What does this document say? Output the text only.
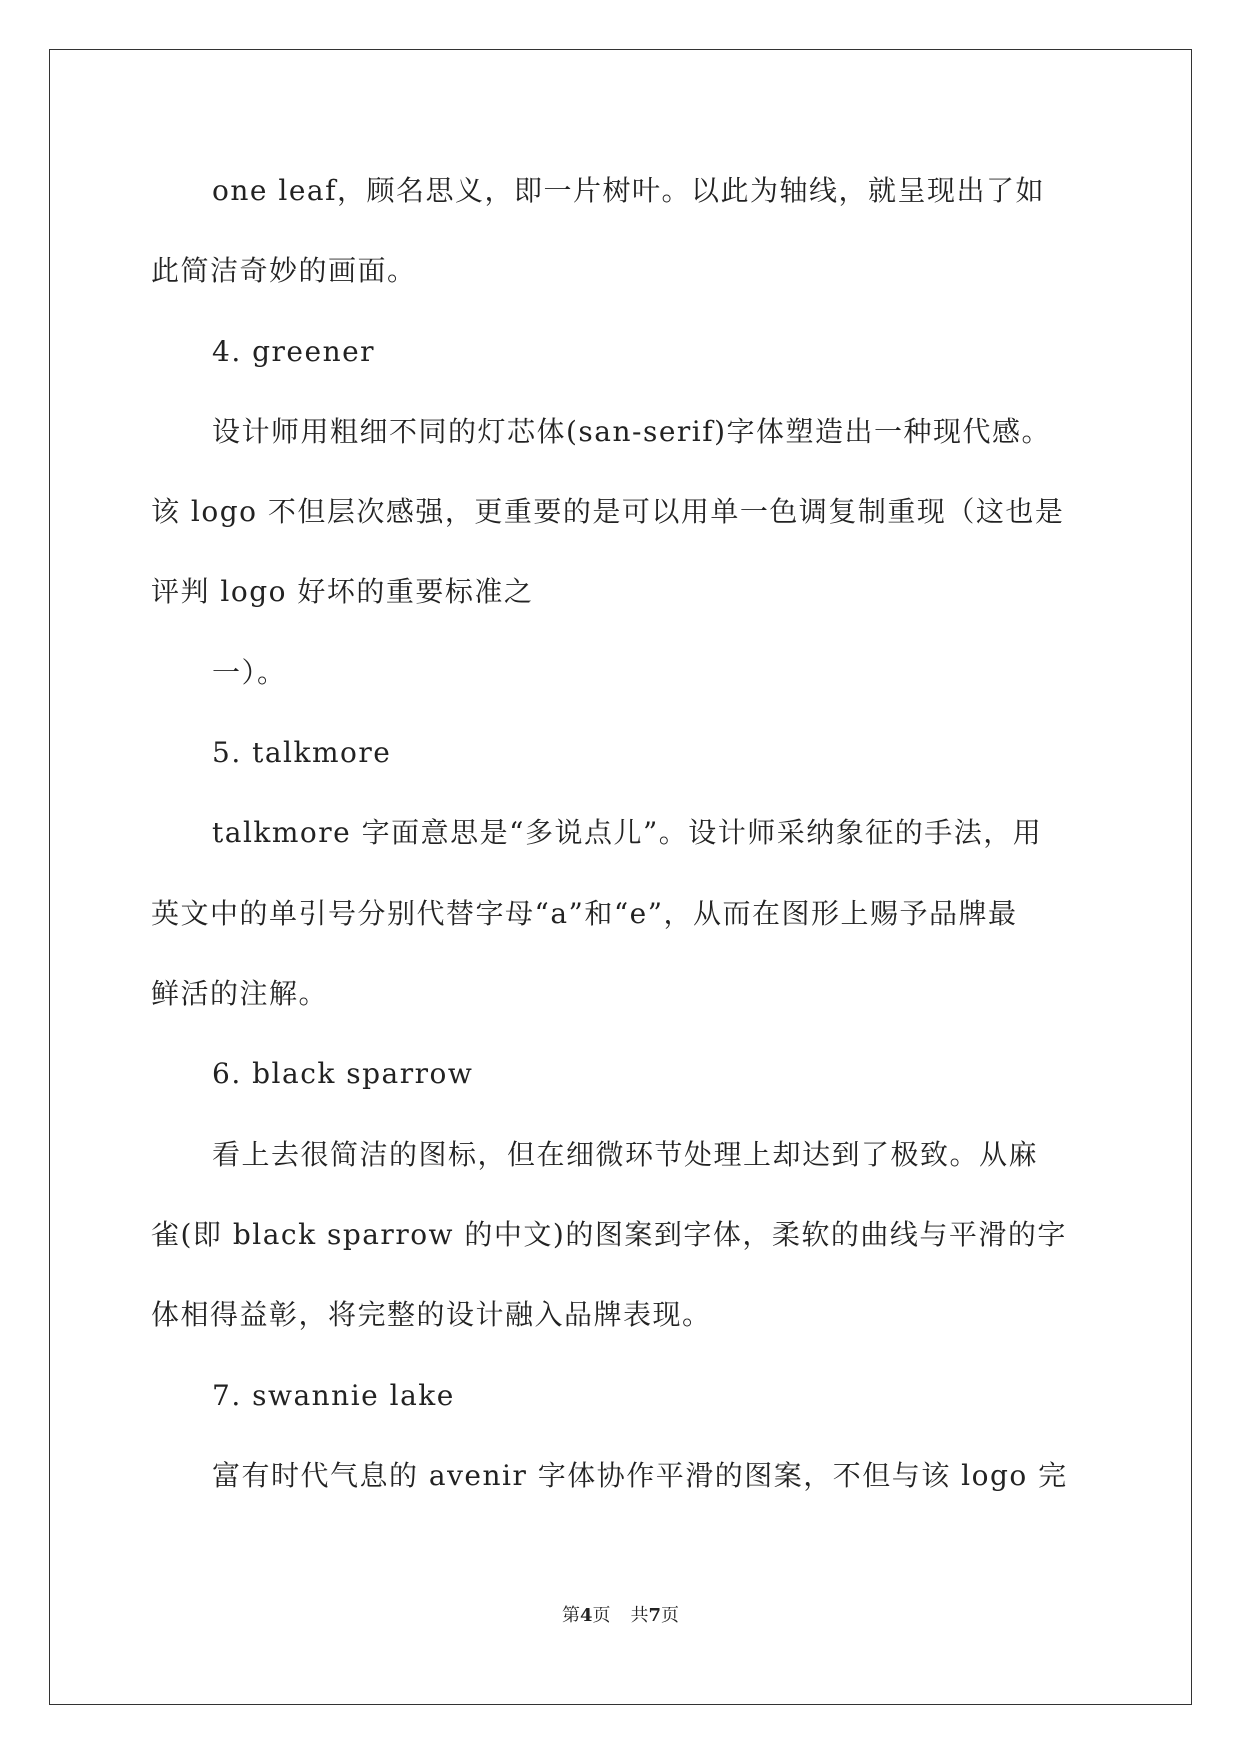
one leaf，顾名思义，即一片树叶。以此为轴线，就呈现出了如
此简洁奇妙的画面。
4. greener
设计师用粗细不同的灯芯体(san-serif)字体塑造出一种现代感。
该 logo 不但层次感强，更重要的是可以用单一色调复制重现（这也是
评判 logo 好坏的重要标准之
一）。
5. talkmore
talkmore 字面意思是“多说点儿”。设计师采纳象征的手法，用
英文中的单引号分别代替字母“a”和“e”，从而在图形上赐予品牌最
鲜活的注解。
6. black sparrow
看上去很简洁的图标，但在细微环节处理上却达到了极致。从麻
雀(即 black sparrow 的中文)的图案到字体，柔软的曲线与平滑的字
体相得益彰，将完整的设计融入品牌表现。
7. swannie lake
富有时代气息的 avenir 字体协作平滑的图案，不但与该 logo 完
第4页 共7页
